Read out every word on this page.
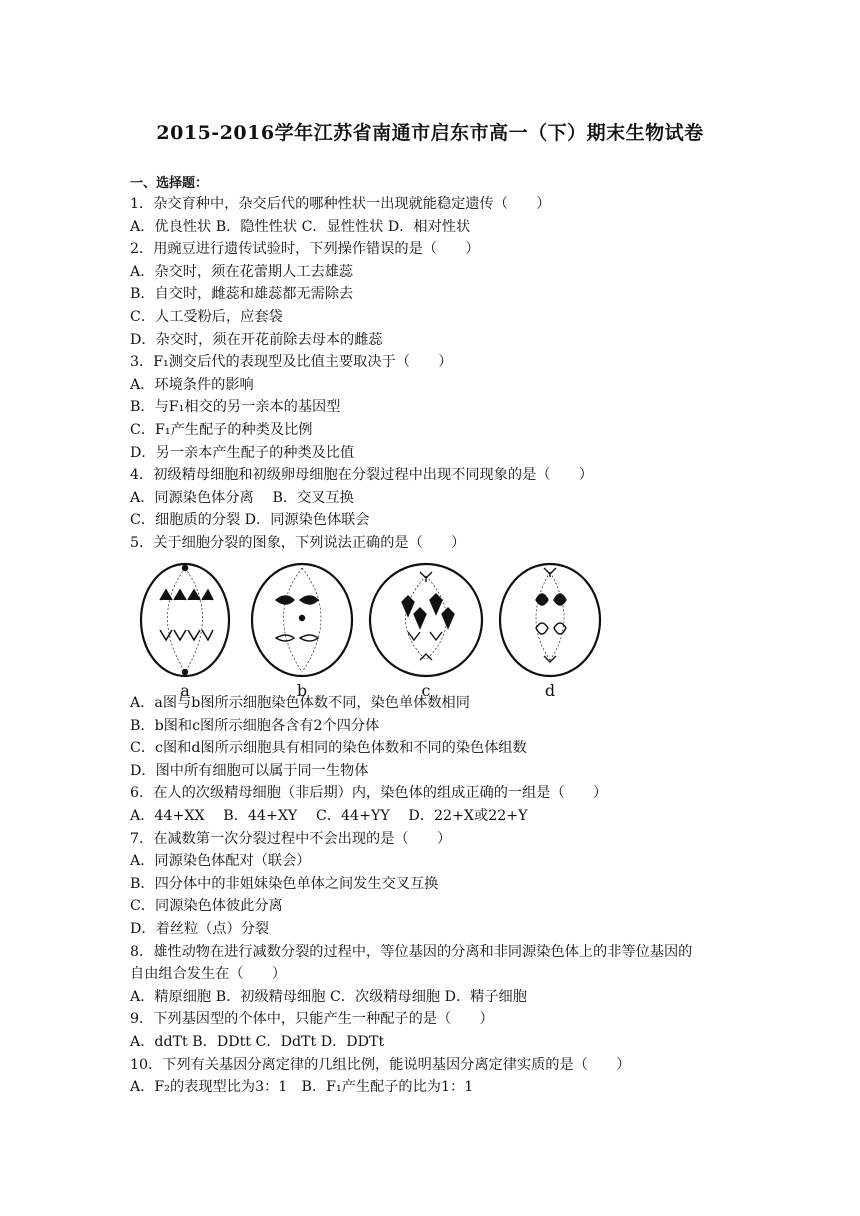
2015-2016学年江苏省南通市启东市高一（下）期末生物试卷
一、选择题：
1．杂交育种中，杂交后代的哪种性状一出现就能稳定遗传（　　）
A．优良性状 B．隐性性状 C．显性性状 D．相对性状
2．用豌豆进行遗传试验时，下列操作错误的是（　　）
A．杂交时，须在花蕾期人工去雄蕊
B．自交时，雌蕊和雄蕊都无需除去
C．人工受粉后，应套袋
D．杂交时，须在开花前除去母本的雌蕊
3．F₁测交后代的表现型及比值主要取决于（　　）
A．环境条件的影响
B．与F₁相交的另一亲本的基因型
C．F₁产生配子的种类及比例
D．另一亲本产生配子的种类及比值
4．初级精母细胞和初级卵母细胞在分裂过程中出现不同现象的是（　　）
A．同源染色体分离　 B．交叉互换
C．细胞质的分裂 D．同源染色体联会
5．关于细胞分裂的图象，下列说法正确的是（　　）
a	b	c	d
A．a图与b图所示细胞染色体数不同，染色单体数相同
B．b图和c图所示细胞各含有2个四分体
C．c图和d图所示细胞具有相同的染色体数和不同的染色体组数
D．图中所有细胞可以属于同一生物体
6．在人的次级精母细胞（非后期）内，染色体的组成正确的一组是（　　）
A．44+XX　 B．44+XY　 C．44+YY　 D．22+X或22+Y
7．在减数第一次分裂过程中不会出现的是（　　）
A．同源染色体配对（联会）
B．四分体中的非姐妹染色单体之间发生交叉互换
C．同源染色体彼此分离
D．着丝粒（点）分裂
8．雄性动物在进行减数分裂的过程中，等位基因的分离和非同源染色体上的非等位基因的
自由组合发生在（　　）
A．精原细胞 B．初级精母细胞 C．次级精母细胞 D．精子细胞
9．下列基因型的个体中，只能产生一种配子的是（　　）
A．ddTt B．DDtt C．DdTt D．DDTt
10．下列有关基因分离定律的几组比例，能说明基因分离定律实质的是（　　）
A．F₂的表现型比为3：1　B．F₁产生配子的比为1：1
